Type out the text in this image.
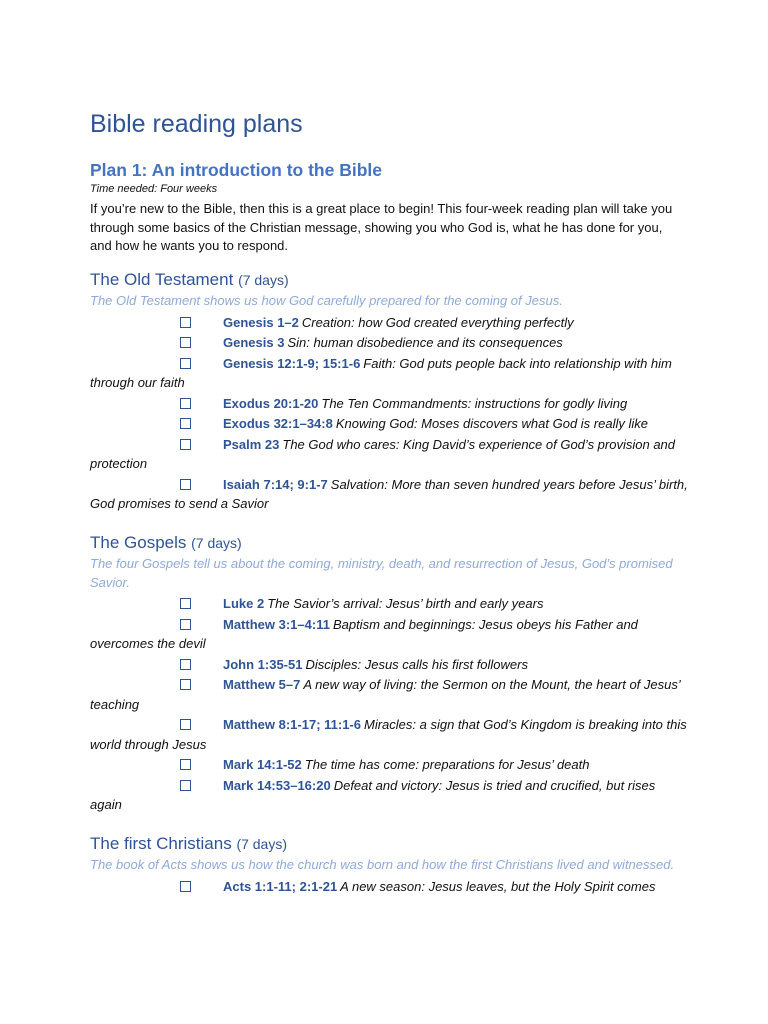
Bible reading plans
Plan 1: An introduction to the Bible
Time needed: Four weeks
If you’re new to the Bible, then this is a great place to begin! This four-week reading plan will take you through some basics of the Christian message, showing you who God is, what he has done for you, and how he wants you to respond.
The Old Testament (7 days)
The Old Testament shows us how God carefully prepared for the coming of Jesus.
Genesis 1–2 Creation: how God created everything perfectly
Genesis 3 Sin: human disobedience and its consequences
Genesis 12:1-9; 15:1-6 Faith: God puts people back into relationship with him through our faith
Exodus 20:1-20 The Ten Commandments: instructions for godly living
Exodus 32:1–34:8 Knowing God: Moses discovers what God is really like
Psalm 23 The God who cares: King David’s experience of God’s provision and protection
Isaiah 7:14; 9:1-7 Salvation: More than seven hundred years before Jesus’ birth, God promises to send a Savior
The Gospels (7 days)
The four Gospels tell us about the coming, ministry, death, and resurrection of Jesus, God’s promised Savior.
Luke 2 The Savior’s arrival: Jesus’ birth and early years
Matthew 3:1–4:11 Baptism and beginnings: Jesus obeys his Father and overcomes the devil
John 1:35-51 Disciples: Jesus calls his first followers
Matthew 5–7 A new way of living: the Sermon on the Mount, the heart of Jesus’ teaching
Matthew 8:1-17; 11:1-6 Miracles: a sign that God’s Kingdom is breaking into this world through Jesus
Mark 14:1-52 The time has come: preparations for Jesus’ death
Mark 14:53–16:20 Defeat and victory: Jesus is tried and crucified, but rises again
The first Christians (7 days)
The book of Acts shows us how the church was born and how the first Christians lived and witnessed.
Acts 1:1-11; 2:1-21 A new season: Jesus leaves, but the Holy Spirit comes
